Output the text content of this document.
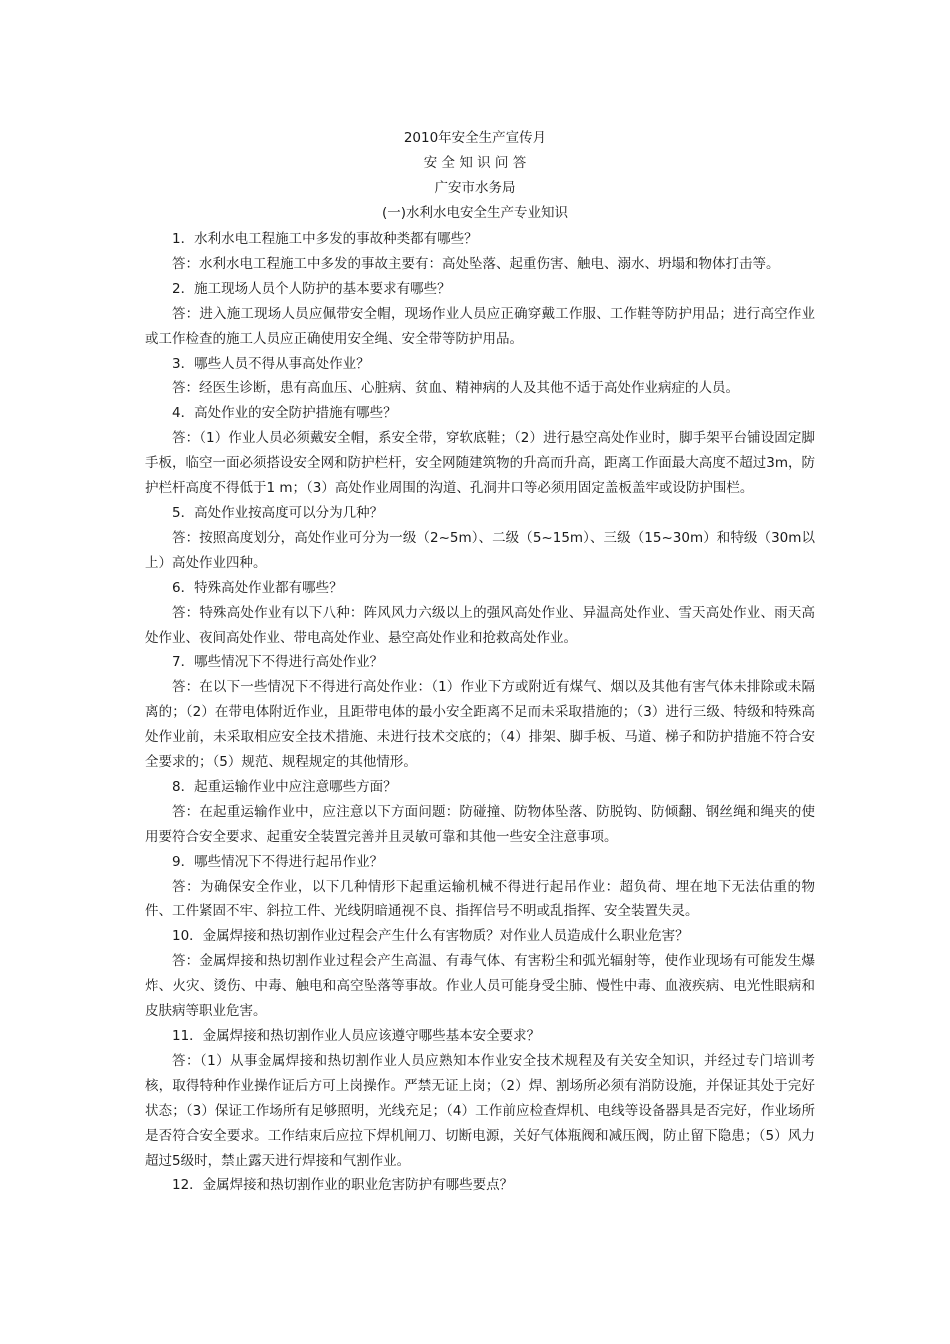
2010年安全生产宣传月
安 全 知 识 问 答
广安市水务局
(一)水利水电安全生产专业知识

1．水利水电工程施工中多发的事故种类都有哪些？

答：水利水电工程施工中多发的事故主要有：高处坠落、起重伤害、触电、溺水、坍塌和物体打击等。

2．施工现场人员个人防护的基本要求有哪些？

答：进入施工现场人员应佩带安全帽，现场作业人员应正确穿戴工作服、工作鞋等防护用品；进行高空作业或工作检查的施工人员应正确使用安全绳、安全带等防护用品。

3．哪些人员不得从事高处作业？

答：经医生诊断，患有高血压、心脏病、贫血、精神病的人及其他不适于高处作业病症的人员。

4．高处作业的安全防护措施有哪些？

答：（1）作业人员必须戴安全帽，系安全带，穿软底鞋；（2）进行悬空高处作业时，脚手架平台铺设固定脚手板，临空一面必须搭设安全网和防护栏杆，安全网随建筑物的升高而升高，距离工作面最大高度不超过3m，防护栏杆高度不得低于1 m；（3）高处作业周围的沟道、孔洞井口等必须用固定盖板盖牢或设防护围栏。

5．高处作业按高度可以分为几种？

答：按照高度划分，高处作业可分为一级（2~5m）、二级（5~15m）、三级（15~30m）和特级（30m以上）高处作业四种。

6．特殊高处作业都有哪些？

答：特殊高处作业有以下八种：阵风风力六级以上的强风高处作业、异温高处作业、雪天高处作业、雨天高处作业、夜间高处作业、带电高处作业、悬空高处作业和抢救高处作业。

7．哪些情况下不得进行高处作业？

答：在以下一些情况下不得进行高处作业：（1）作业下方或附近有煤气、烟以及其他有害气体未排除或未隔离的；（2）在带电体附近作业，且距带电体的最小安全距离不足而未采取措施的；（3）进行三级、特级和特殊高处作业前，未采取相应安全技术措施、未进行技术交底的；（4）排架、脚手板、马道、梯子和防护措施不符合安全要求的；（5）规范、规程规定的其他情形。

8．起重运输作业中应注意哪些方面？

答：在起重运输作业中，应注意以下方面问题：防碰撞、防物体坠落、防脱钩、防倾翻、钢丝绳和绳夹的使用要符合安全要求、起重安全装置完善并且灵敏可靠和其他一些安全注意事项。

9．哪些情况下不得进行起吊作业？

答：为确保安全作业，以下几种情形下起重运输机械不得进行起吊作业：超负荷、埋在地下无法估重的物件、工件紧固不牢、斜拉工件、光线阴暗通视不良、指挥信号不明或乱指挥、安全装置失灵。

10．金属焊接和热切割作业过程会产生什么有害物质？对作业人员造成什么职业危害？

答：金属焊接和热切割作业过程会产生高温、有毒气体、有害粉尘和弧光辐射等，使作业现场有可能发生爆炸、火灾、烫伤、中毒、触电和高空坠落等事故。作业人员可能身受尘肺、慢性中毒、血液疾病、电光性眼病和皮肤病等职业危害。

11．金属焊接和热切割作业人员应该遵守哪些基本安全要求？

答：（1）从事金属焊接和热切割作业人员应熟知本作业安全技术规程及有关安全知识，并经过专门培训考核，取得特种作业操作证后方可上岗操作。严禁无证上岗；（2）焊、割场所必须有消防设施，并保证其处于完好状态；（3）保证工作场所有足够照明，光线充足；（4）工作前应检查焊机、电线等设备器具是否完好，作业场所是否符合安全要求。工作结束后应拉下焊机闸刀、切断电源，关好气体瓶阀和减压阀，防止留下隐患；（5）风力超过5级时，禁止露天进行焊接和气割作业。

12．金属焊接和热切割作业的职业危害防护有哪些要点？
